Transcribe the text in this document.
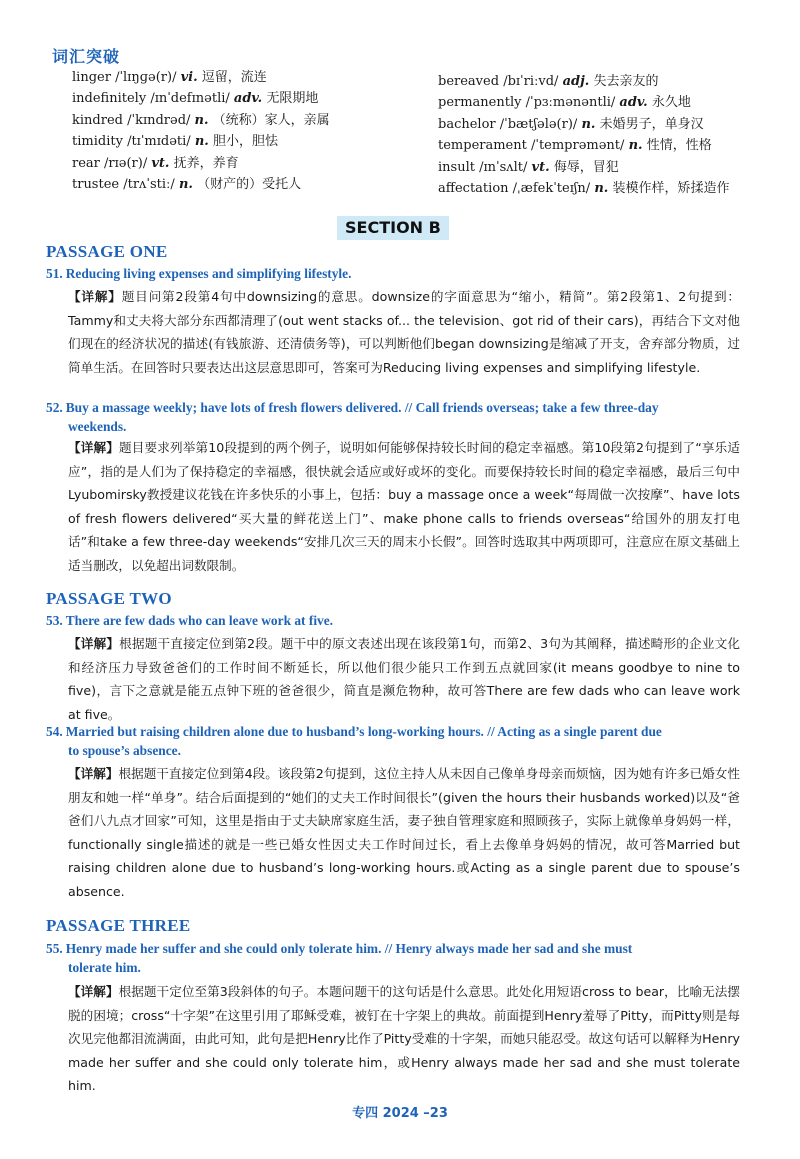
词汇突破
linger /ˈlɪŋɡə(r)/ vi. 逗留，流连
indefinitely /ɪnˈdefɪnətli/ adv. 无限期地
kindred /ˈkɪndrəd/ n. （统称）家人，亲属
timidity /tɪˈmɪdəti/ n. 胆小，胆怯
rear /rɪə(r)/ vt. 抚养，养育
trustee /trʌˈstiː/ n. （财产的）受托人
bereaved /bɪˈriːvd/ adj. 失去亲友的
permanently /ˈpɜːmənəntli/ adv. 永久地
bachelor /ˈbætʃələ(r)/ n. 未婚男子，单身汉
temperament /ˈtemprəmənt/ n. 性情，性格
insult /ɪnˈsʌlt/ vt. 侮辱，冒犯
affectation /ˌæfekˈteɪʃn/ n. 装模作样，矫揉造作
SECTION B
PASSAGE ONE
51. Reducing living expenses and simplifying lifestyle.
【详解】题目问第2段第4句中downsizing的意思。downsize的字面意思为“缩小，精简”。第2段第1、2句提到：Tammy和丈夫将大部分东西都清理了(out went stacks of... the television、got rid of their cars)，再结合下文对他们现在的经济状况的描述(有钱旅游、还清债务等)，可以判断他们began downsizing是缩减了开支，舍弃部分物质，过简单生活。在回答时只要表达出这层意思即可，答案可为Reducing living expenses and simplifying lifestyle.
52. Buy a massage weekly; have lots of fresh flowers delivered. // Call friends overseas; take a few three-day
weekends.
【详解】题目要求列举第10段提到的两个例子，说明如何能够保持较长时间的稳定幸福感。第10段第2句提到了“享乐适应”，指的是人们为了保持稳定的幸福感，很快就会适应或好或坏的变化。而要保持较长时间的稳定幸福感，最后三句中Lyubomirsky教授建议花钱在许多快乐的小事上，包括：buy a massage once a week“每周做一次按摩”、have lots of fresh flowers delivered“买大量的鲜花送上门”、make phone calls to friends overseas“给国外的朋友打电话”和take a few three-day weekends“安排几次三天的周末小长假”。回答时选取其中两项即可，注意应在原文基础上适当删改，以免超出词数限制。
PASSAGE TWO
53. There are few dads who can leave work at five.
【详解】根据题干直接定位到第2段。题干中的原文表述出现在该段第1句，而第2、3句为其阐释，描述畸形的企业文化和经济压力导致爸爸们的工作时间不断延长，所以他们很少能只工作到五点就回家(it means goodbye to nine to five)，言下之意就是能五点钟下班的爸爸很少，简直是濒危物种，故可答There are few dads who can leave work at five。
54. Married but raising children alone due to husband’s long-working hours. // Acting as a single parent due
to spouse’s absence.
【详解】根据题干直接定位到第4段。该段第2句提到，这位主持人从未因自己像单身母亲而烦恼，因为她有许多已婚女性朋友和她一样“单身”。结合后面提到的“她们的丈夫工作时间很长”(given the hours their husbands worked)以及“爸爸们八九点才回家”可知，这里是指由于丈夫缺席家庭生活，妻子独自管理家庭和照顾孩子，实际上就像单身妈妈一样，functionally single描述的就是一些已婚女性因丈夫工作时间过长，看上去像单身妈妈的情况，故可答Married but raising children alone due to husband’s long-working hours.或Acting as a single parent due to spouse’s absence.
PASSAGE THREE
55. Henry made her suffer and she could only tolerate him. // Henry always made her sad and she must
tolerate him.
【详解】根据题干定位至第3段斜体的句子。本题问题干的这句话是什么意思。此处化用短语cross to bear，比喻无法摆脱的困境；cross“十字架”在这里引用了耶稣受难，被钉在十字架上的典故。前面提到Henry羞辱了Pitty，而Pitty则是每次见完他都泪流满面，由此可知，此句是把Henry比作了Pitty受难的十字架，而她只能忍受。故这句话可以解释为Henry made her suffer and she could only tolerate him，或Henry always made her sad and she must tolerate him.
专四 2024 –23
